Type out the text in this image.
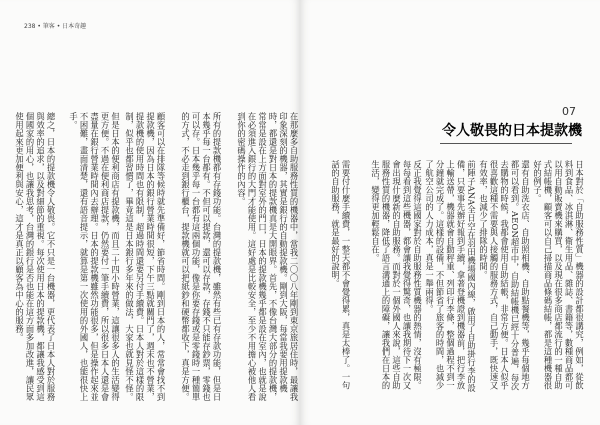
238 • 筆客 • 日本奇趣
在那麼多自助服務性質的機器中，當我二〇〇八年剛到東京旅居住時，最讓我印象深刻的機器，其實是銀行的自動提款機。剛到大阪，每當我要用提款機時，都還是對日本的提款機真是大開眼界。首先，不像台灣大部分的提款機，常常是設在上方面對室外的門口，日本的提款機幾乎都是設在室內，也就是說在必須進入銀行的大門才能使用。這好處是比較安全，至少不用擔心被他人看到你的密碼操作的內容。
所有的提款機都有存錢功能。台灣的提款機，雖然有些已有存款功能，但是日本幾乎每一台都有。不但可以提款，還可以存款，存錢不只能存鈔票，零錢也可以存。日本幾乎每一台都有這兩個功能，像是你要存錢或是零錢時一種簡單的方式，不必走到銀行櫃台，提款機就可以把紙鈔和硬幣都收下，真是方便。
顧客可以在排隊等候時就先準備好，節省時間。剛到日本的人，常常會找不到提款機，因為日本的銀行營業時間很短，下午三點就關門了，週末也不營業，提款機的使用時間也有限制，超過時間還要另付手續費。日本人對於這樣的限制，似乎也都習慣了，畢竟這是日本銀行多年來的做法，大家也就見怪不怪。
但是日本的便利商店有提款機，而且二十四小時營業，這讓很多人的生活變得更方便。不過在便利商店提款，仍然要付一筆手續費，所以很多日本人還是會盡量在銀行營業時間內去辦理。日本的提款機雖然功能很多，但是操作起來並不困難，畫面清楚，還有語音提示，就算是第一次使用的外國人，也能很快上手。
總之，日本的提款機令人敬畏。它不只是一台機器，更代表了日本人對於服務與效率的追求，以及對細節的重視。每次使用日本的提款機，都讓我感受到這個國家的用心，也讓我思考，台灣的銀行是否也能在這方面多加改進，讓民眾使用起來更加便利與安心，這才是真正以顧客為中心的服務。
07
令人敬畏的日本提款機
日本對於「自助服務性質」機器的設計都很講究，例如，從飲料到食品、冰淇淋、衛生用品、雜誌、書籍等，數種商品都可以用自動販賣機來購買，以及現在很多商店都流行的一種自助式結帳機，顧客可以自己掃描商品條碼結帳，都是這種機器很好的例子。
還有自助洗衣店、自助照相機、自助點餐機等，幾乎每個地方都可以看到。AEON超市中，自助結帳機已經十分普遍，每次去購物的時候，我都會使用自助結帳，非常方便。日本人似乎很喜歡這種不需要與人接觸的服務方式，自己動手，既快速又有效率，也減少了排隊的時間。
前陣子ANA全日空在羽田機場國內線，啟用了自助掛行李的設備，只要事先辦好報到手續，拿著登機證到機器前，把行李放上輸送帶，機器就會自動秤重、列印行李條，整個過程不到一分鐘就完成了。這樣的設備，不但節省了旅客的時間，也減少了航空公司的人力成本，真是一舉兩得。
反正我覺得這國家對於自助服務性質機器的熱情，沒有極限。每每看到這些機器，都會讓我覺得驚奇，也讓我期待下一次又會出現什麼新的自助服務。而對於一個外國人來說，這些自助服務性質的機器，降低了語言溝通上的障礙，讓我們在日本的生活，變得更加輕鬆自在。
需要付什麼手續費，一整天都不會覺得累，真是太棒了。一句話的自助服務，就是最好的說明。
